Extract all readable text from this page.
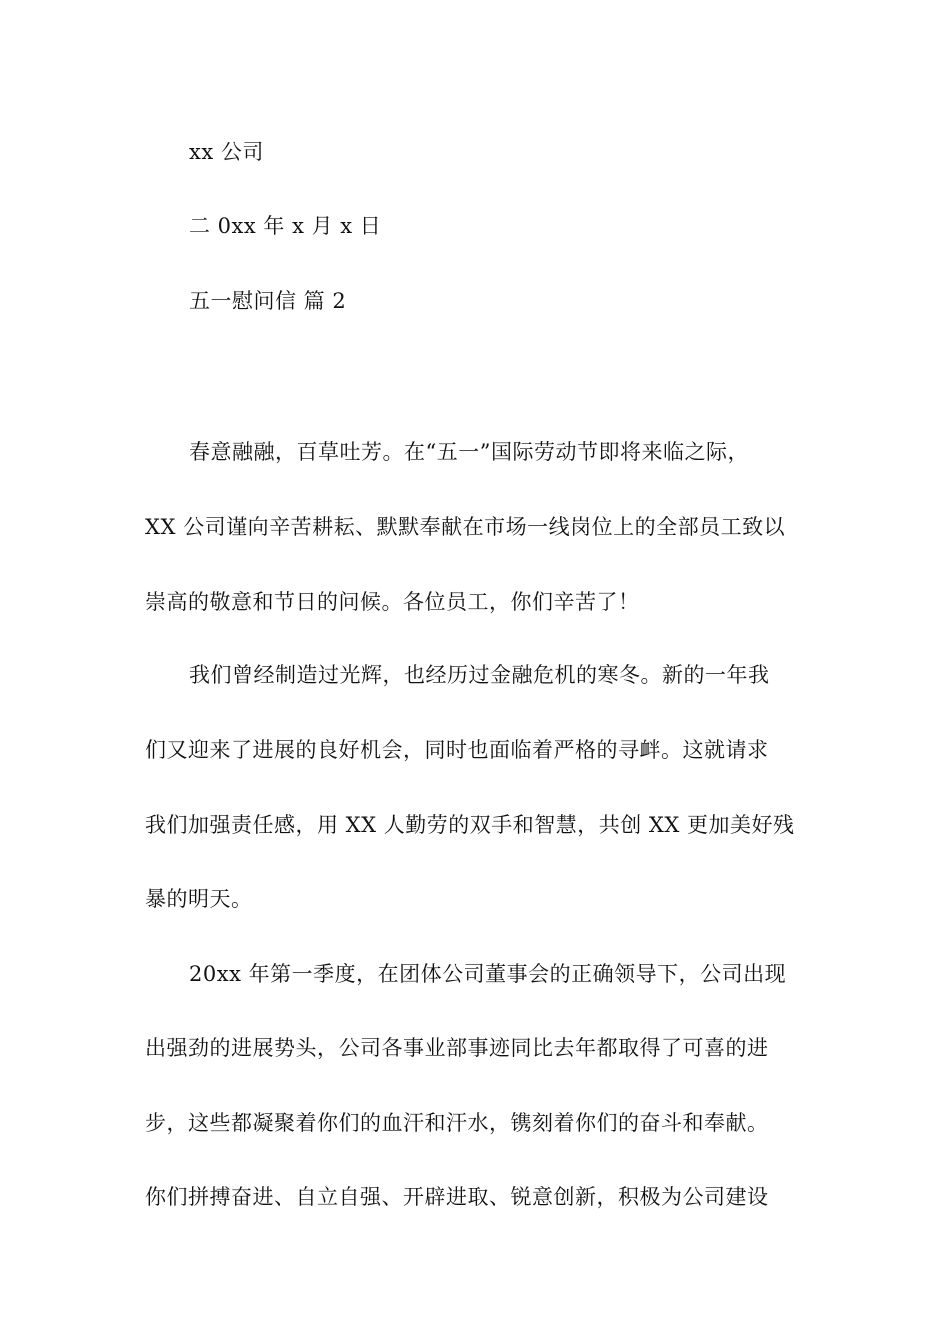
xx 公司
二 0xx 年 x 月 x 日
五一慰问信 篇 2
春意融融，百草吐芳。在“五一”国际劳动节即将来临之际，
XX 公司谨向辛苦耕耘、默默奉献在市场一线岗位上的全部员工致以
崇高的敬意和节日的问候。各位员工，你们辛苦了！
我们曾经制造过光辉，也经历过金融危机的寒冬。新的一年我
们又迎来了进展的良好机会，同时也面临着严格的寻衅。这就请求
我们加强责任感，用 XX 人勤劳的双手和智慧，共创 XX 更加美好残
暴的明天。
20xx 年第一季度，在团体公司董事会的正确领导下，公司出现
出强劲的进展势头，公司各事业部事迹同比去年都取得了可喜的进
步，这些都凝聚着你们的血汗和汗水，镌刻着你们的奋斗和奉献。
你们拼搏奋进、自立自强、开辟进取、锐意创新，积极为公司建设
